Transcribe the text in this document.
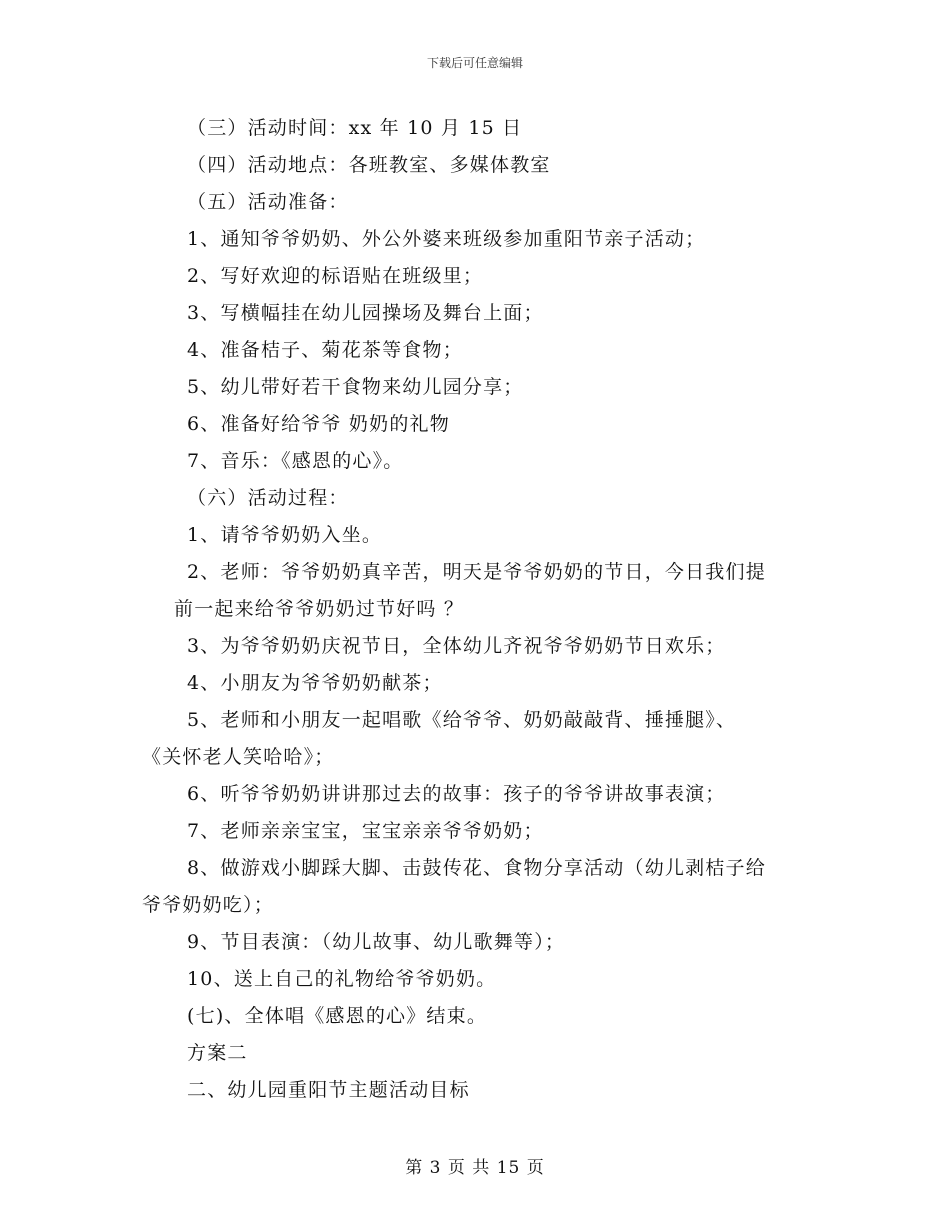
下载后可任意编辑
（三）活动时间：xx 年 10 月 15 日
（四）活动地点：各班教室、多媒体教室
（五）活动准备：
1、通知爷爷奶奶、外公外婆来班级参加重阳节亲子活动；
2、写好欢迎的标语贴在班级里；
3、写横幅挂在幼儿园操场及舞台上面；
4、准备桔子、菊花茶等食物；
5、幼儿带好若干食物来幼儿园分享；
6、准备好给爷爷 奶奶的礼物
7、音乐：《感恩的心》。
（六）活动过程：
1、请爷爷奶奶入坐。
2、老师：爷爷奶奶真辛苦，明天是爷爷奶奶的节日，今日我们提
前一起来给爷爷奶奶过节好吗 ？
3、为爷爷奶奶庆祝节日，全体幼儿齐祝爷爷奶奶节日欢乐；
4、小朋友为爷爷奶奶献茶；
5、老师和小朋友一起唱歌《给爷爷、奶奶敲敲背、捶捶腿》、
《关怀老人笑哈哈》；
6、听爷爷奶奶讲讲那过去的故事：孩子的爷爷讲故事表演；
7、老师亲亲宝宝，宝宝亲亲爷爷奶奶；
8、做游戏小脚踩大脚、击鼓传花、食物分享活动（幼儿剥桔子给
爷爷奶奶吃）；
9、节目表演：（幼儿故事、幼儿歌舞等）；
10、送上自己的礼物给爷爷奶奶。
(七)、全体唱《感恩的心》结束。
方案二
二、幼儿园重阳节主题活动目标
第 3 页 共 15 页
